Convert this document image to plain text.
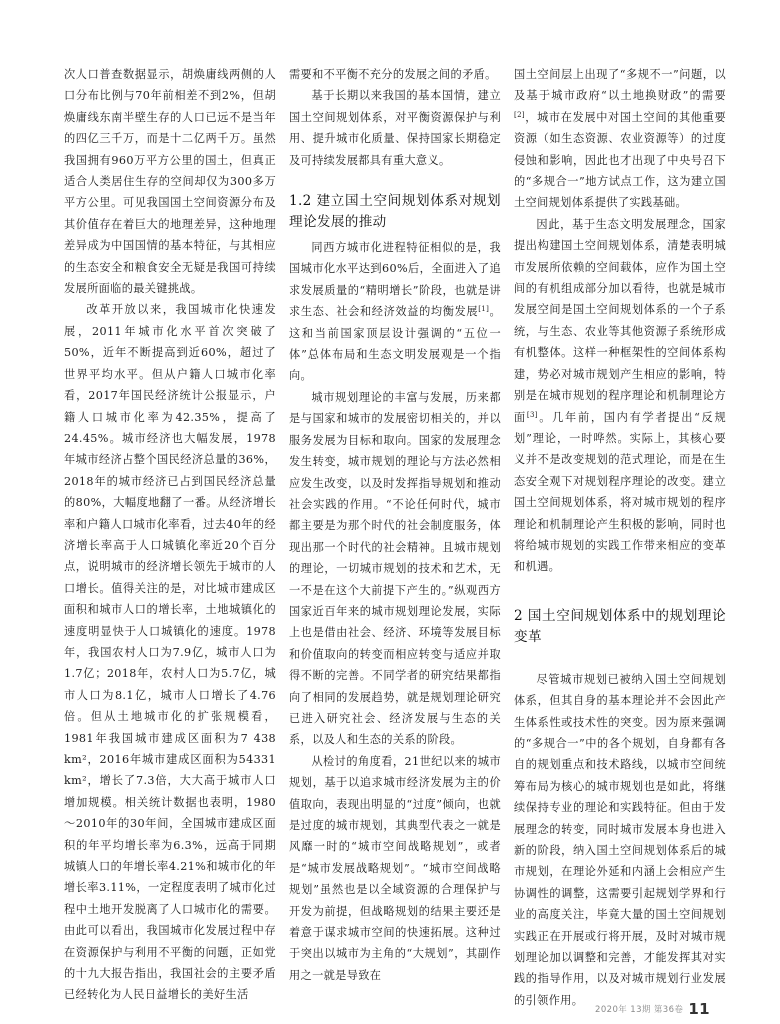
次人口普查数据显示，胡焕庸线两侧的人口分布比例与70年前相差不到2%，但胡焕庸线东南半壁生存的人口已远不是当年的四亿三千万，而是十二亿两千万。虽然我国拥有960万平方公里的国土，但真正适合人类居住生存的空间却仅为300多万平方公里。可见我国国土空间资源分布及其价值存在着巨大的地理差异，这种地理差异成为中国国情的基本特征，与其相应的生态安全和粮食安全无疑是我国可持续发展所面临的最关键挑战。

改革开放以来，我国城市化快速发展，2011年城市化水平首次突破了50%，近年不断提高到近60%，超过了世界平均水平。但从户籍人口城市化率看，2017年国民经济统计公报显示，户籍人口城市化率为42.35%，提高了24.45%。城市经济也大幅发展，1978年城市经济占整个国民经济总量的36%，2018年的城市经济已占到国民经济总量的80%，大幅度地翻了一番。从经济增长率和户籍人口城市化率看，过去40年的经济增长率高于人口城镇化率近20个百分点，说明城市的经济增长领先于城市的人口增长。值得关注的是，对比城市建成区面积和城市人口的增长率，土地城镇化的速度明显快于人口城镇化的速度。1978年，我国农村人口为7.9亿，城市人口为1.7亿；2018年，农村人口为5.7亿，城市人口为8.1亿，城市人口增长了4.76倍。但从土地城市化的扩张规模看，1981年我国城市建成区面积为7 438 km²，2016年城市建成区面积为54331 km²，增长了7.3倍，大大高于城市人口增加规模。相关统计数据也表明，1980～2010年的30年间，全国城市建成区面积的年平均增长率为6.3%，远高于同期城镇人口的年增长率4.21%和城市化的年增长率3.11%，一定程度表明了城市化过程中土地开发脱离了人口城市化的需要。由此可以看出，我国城市化发展过程中存在资源保护与利用不平衡的问题，正如党的十九大报告指出，我国社会的主要矛盾已经转化为人民日益增长的美好生活

需要和不平衡不充分的发展之间的矛盾。

基于长期以来我国的基本国情，建立国土空间规划体系，对平衡资源保护与利用、提升城市化质量、保持国家长期稳定及可持续发展都具有重大意义。

1.2 建立国土空间规划体系对规划理论发展的推动

同西方城市化进程特征相似的是，我国城市化水平达到60%后，全面进入了追求发展质量的“精明增长”阶段，也就是讲求生态、社会和经济效益的均衡发展[1]。这和当前国家顶层设计强调的“五位一体”总体布局和生态文明发展观是一个指向。

城市规划理论的丰富与发展，历来都是与国家和城市的发展密切相关的，并以服务发展为目标和取向。国家的发展理念发生转变，城市规划的理论与方法必然相应发生改变，以及时发挥指导规划和推动社会实践的作用。“不论任何时代，城市都主要是为那个时代的社会制度服务，体现出那一个时代的社会精神。且城市规划的理论，一切城市规划的技术和艺术，无一不是在这个大前提下产生的。”纵观西方国家近百年来的城市规划理论发展，实际上也是借由社会、经济、环境等发展目标和价值取向的转变而相应转变与适应并取得不断的完善。不同学者的研究结果都指向了相同的发展趋势，就是规划理论研究已进入研究社会、经济发展与生态的关系，以及人和生态的关系的阶段。

从检讨的角度看，21世纪以来的城市规划，基于以追求城市经济发展为主的价值取向，表现出明显的“过度”倾向，也就是过度的城市规划，其典型代表之一就是风靡一时的“城市空间战略规划”，或者是“城市发展战略规划”。“城市空间战略规划”虽然也是以全域资源的合理保护与开发为前提，但战略规划的结果主要还是着意于谋求城市空间的快速拓展。这种过于突出以城市为主角的“大规划”，其副作用之一就是导致在

国土空间层上出现了“多规不一”问题，以及基于城市政府“以土地换财政”的需要[2]，城市在发展中对国土空间的其他重要资源（如生态资源、农业资源等）的过度侵蚀和影响，因此也才出现了中央号召下的“多规合一”地方试点工作，这为建立国土空间规划体系提供了实践基础。

因此，基于生态文明发展理念，国家提出构建国土空间规划体系，清楚表明城市发展所依赖的空间载体，应作为国土空间的有机组成部分加以看待，也就是城市发展空间是国土空间规划体系的一个子系统，与生态、农业等其他资源子系统形成有机整体。这样一种框架性的空间体系构建，势必对城市规划产生相应的影响，特别是在城市规划的程序理论和机制理论方面[3]。几年前，国内有学者提出“反规划”理论，一时哗然。实际上，其核心要义并不是改变规划的范式理论，而是在生态安全观下对规划程序理论的改变。建立国土空间规划体系，将对城市规划的程序理论和机制理论产生积极的影响，同时也将给城市规划的实践工作带来相应的变革和机遇。

2 国土空间规划体系中的规划理论变革

尽管城市规划已被纳入国土空间规划体系，但其自身的基本理论并不会因此产生体系性或技术性的突变。因为原来强调的“多规合一”中的各个规划，自身都有各自的规划重点和技术路线，以城市空间统筹布局为核心的城市规划也是如此，将继续保持专业的理论和实践特征。但由于发展理念的转变，同时城市发展本身也进入新的阶段，纳入国土空间规划体系后的城市规划，在理论外延和内涵上会相应产生协调性的调整，这需要引起规划学界和行业的高度关注，毕竟大量的国土空间规划实践正在开展或行将开展，及时对城市规划理论加以调整和完善，才能发挥其对实践的指导作用，以及对城市规划行业发展的引领作用。

2020年 13期 第36卷 11
